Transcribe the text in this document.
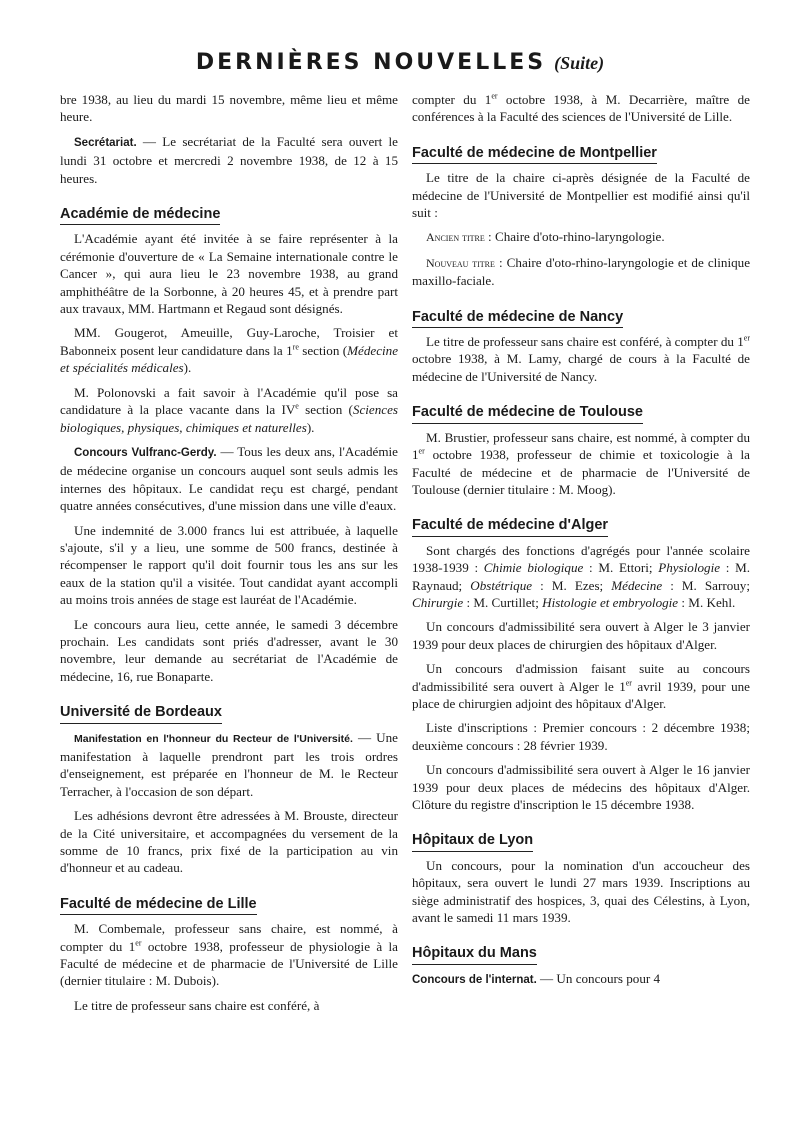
DERNIÈRES NOUVELLES (Suite)

bre 1938, au lieu du mardi 15 novembre, même lieu et même heure.

Secrétariat. — Le secrétariat de la Faculté sera ouvert le lundi 31 octobre et mercredi 2 novembre 1938, de 12 à 15 heures.

Académie de médecine

L'Académie ayant été invitée à se faire représenter à la cérémonie d'ouverture de « La Semaine internationale contre le Cancer », qui aura lieu le 23 novembre 1938, au grand amphithéâtre de la Sorbonne, à 20 heures 45, et à prendre part aux travaux, MM. Hartmann et Regaud sont désignés.

MM. Gougerot, Ameuille, Guy-Laroche, Troisier et Babonneix posent leur candidature dans la 1re section (Médecine et spécialités médicales).

M. Polonovski a fait savoir à l'Académie qu'il pose sa candidature à la place vacante dans la IVe section (Sciences biologiques, physiques, chimiques et naturelles).

Concours Vulfranc-Gerdy. — Tous les deux ans, l'Académie de médecine organise un concours auquel sont seuls admis les internes des hôpitaux. Le candidat reçu est chargé, pendant quatre années consécutives, d'une mission dans une ville d'eaux.

Une indemnité de 3.000 francs lui est attribuée, à laquelle s'ajoute, s'il y a lieu, une somme de 500 francs, destinée à récompenser le rapport qu'il doit fournir tous les ans sur les eaux de la station qu'il a visitée. Tout candidat ayant accompli au moins trois années de stage est lauréat de l'Académie.

Le concours aura lieu, cette année, le samedi 3 décembre prochain. Les candidats sont priés d'adresser, avant le 30 novembre, leur demande au secrétariat de l'Académie de médecine, 16, rue Bonaparte.

Université de Bordeaux

Manifestation en l'honneur du Recteur de l'Université. — Une manifestation à laquelle prendront part les trois ordres d'enseignement, est préparée en l'honneur de M. le Recteur Terracher, à l'occasion de son départ.

Les adhésions devront être adressées à M. Brouste, directeur de la Cité universitaire, et accompagnées du versement de la somme de 10 francs, prix fixé de la participation au vin d'honneur et au cadeau.

Faculté de médecine de Lille

M. Combemale, professeur sans chaire, est nommé, à compter du 1er octobre 1938, professeur de physiologie à la Faculté de médecine et de pharmacie de l'Université de Lille (dernier titulaire : M. Dubois).

Le titre de professeur sans chaire est conféré, à

compter du 1er octobre 1938, à M. Decarrière, maître de conférences à la Faculté des sciences de l'Université de Lille.

Faculté de médecine de Montpellier

Le titre de la chaire ci-après désignée de la Faculté de médecine de l'Université de Montpellier est modifié ainsi qu'il suit :

Ancien titre : Chaire d'oto-rhino-laryngologie.

Nouveau titre : Chaire d'oto-rhino-laryngologie et de clinique maxillo-faciale.

Faculté de médecine de Nancy

Le titre de professeur sans chaire est conféré, à compter du 1er octobre 1938, à M. Lamy, chargé de cours à la Faculté de médecine de l'Université de Nancy.

Faculté de médecine de Toulouse

M. Brustier, professeur sans chaire, est nommé, à compter du 1er octobre 1938, professeur de chimie et toxicologie à la Faculté de médecine et de pharmacie de l'Université de Toulouse (dernier titulaire : M. Moog).

Faculté de médecine d'Alger

Sont chargés des fonctions d'agrégés pour l'année scolaire 1938-1939 : Chimie biologique : M. Ettori; Physiologie : M. Raynaud; Obstétrique : M. Ezes; Médecine : M. Sarrouy; Chirurgie : M. Curtillet; Histologie et embryologie : M. Kehl.

Un concours d'admissibilité sera ouvert à Alger le 3 janvier 1939 pour deux places de chirurgien des hôpitaux d'Alger.

Un concours d'admission faisant suite au concours d'admissibilité sera ouvert à Alger le 1er avril 1939, pour une place de chirurgien adjoint des hôpitaux d'Alger.

Liste d'inscriptions : Premier concours : 2 décembre 1938; deuxième concours : 28 février 1939.

Un concours d'admissibilité sera ouvert à Alger le 16 janvier 1939 pour deux places de médecins des hôpitaux d'Alger. Clôture du registre d'inscription le 15 décembre 1938.

Hôpitaux de Lyon

Un concours, pour la nomination d'un accoucheur des hôpitaux, sera ouvert le lundi 27 mars 1939. Inscriptions au siège administratif des hospices, 3, quai des Célestins, à Lyon, avant le samedi 11 mars 1939.

Hôpitaux du Mans

Concours de l'internat. — Un concours pour 4
